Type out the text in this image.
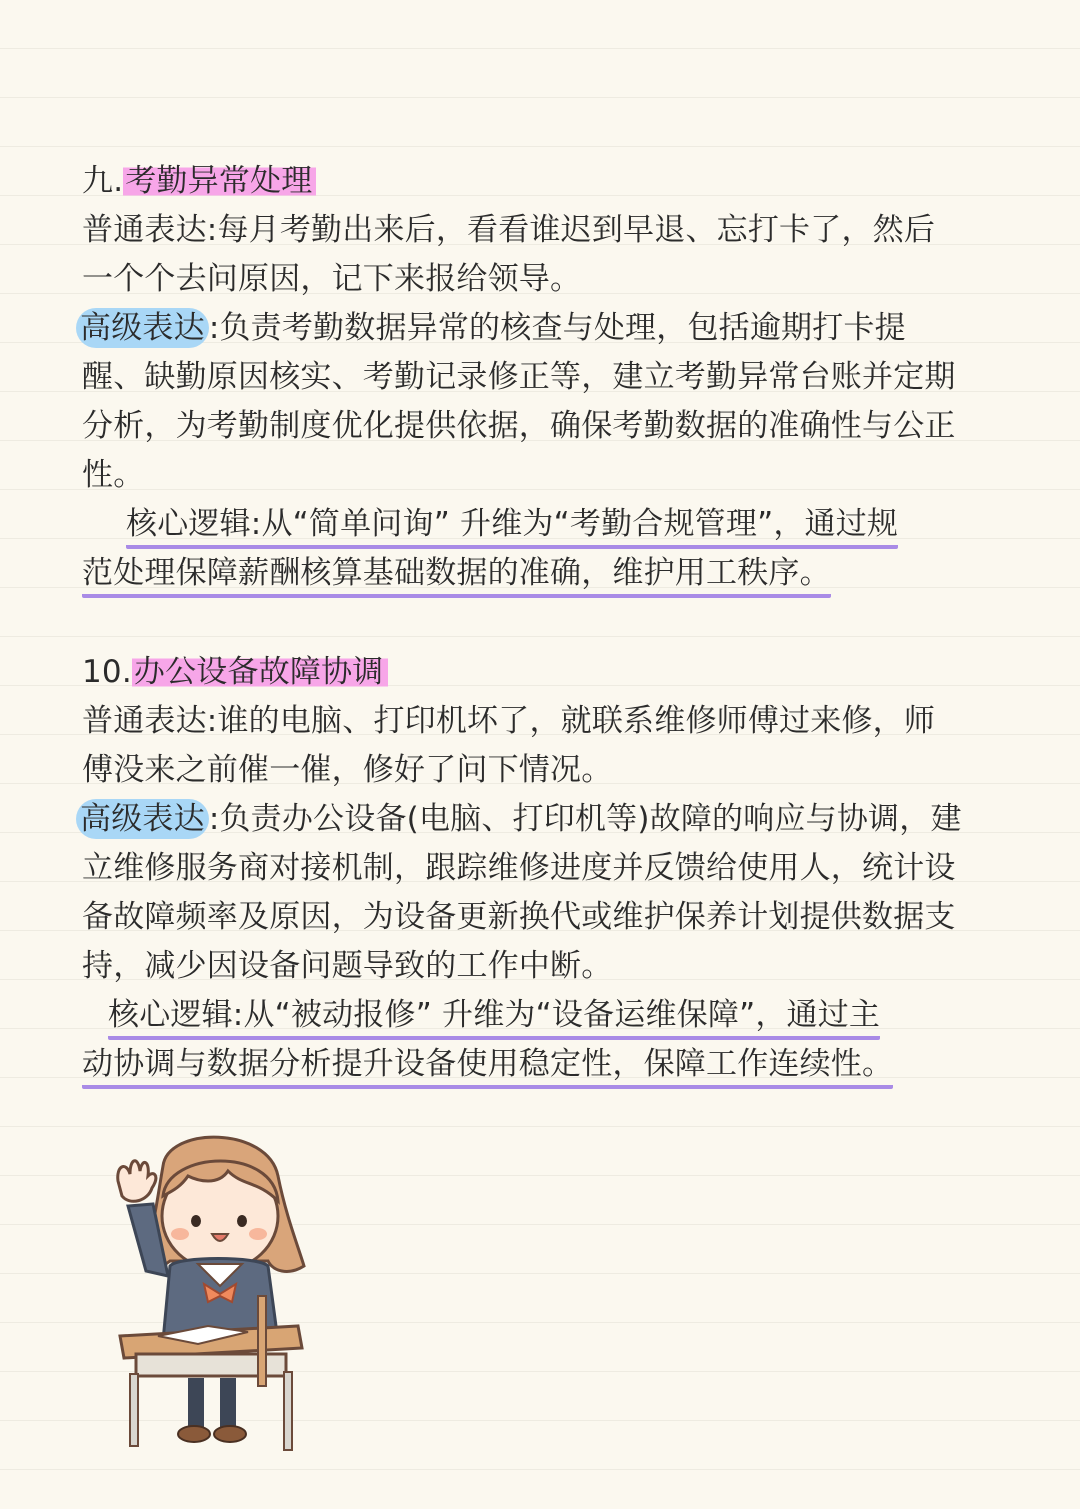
九.考勤异常处理
普通表达:每月考勤出来后，看看谁迟到早退、忘打卡了，然后
一个个去问原因，记下来报给领导。
高级表达 :负责考勤数据异常的核查与处理，包括逾期打卡提
醒、缺勤原因核实、考勤记录修正等，建立考勤异常台账并定期
分析，为考勤制度优化提供依据，确保考勤数据的准确性与公正
性。
核心逻辑:从“简单问询” 升维为“考勤合规管理”，通过规
范处理保障薪酬核算基础数据的准确，维护用工秩序。
10.办公设备故障协调
普通表达:谁的电脑、打印机坏了，就联系维修师傅过来修，师
傅没来之前催一催，修好了问下情况。
高级表达 :负责办公设备(电脑、打印机等)故障的响应与协调，建
立维修服务商对接机制，跟踪维修进度并反馈给使用人，统计设
备故障频率及原因，为设备更新换代或维护保养计划提供数据支
持，减少因设备问题导致的工作中断。
核心逻辑:从“被动报修” 升维为“设备运维保障”，通过主
动协调与数据分析提升设备使用稳定性，保障工作连续性。
